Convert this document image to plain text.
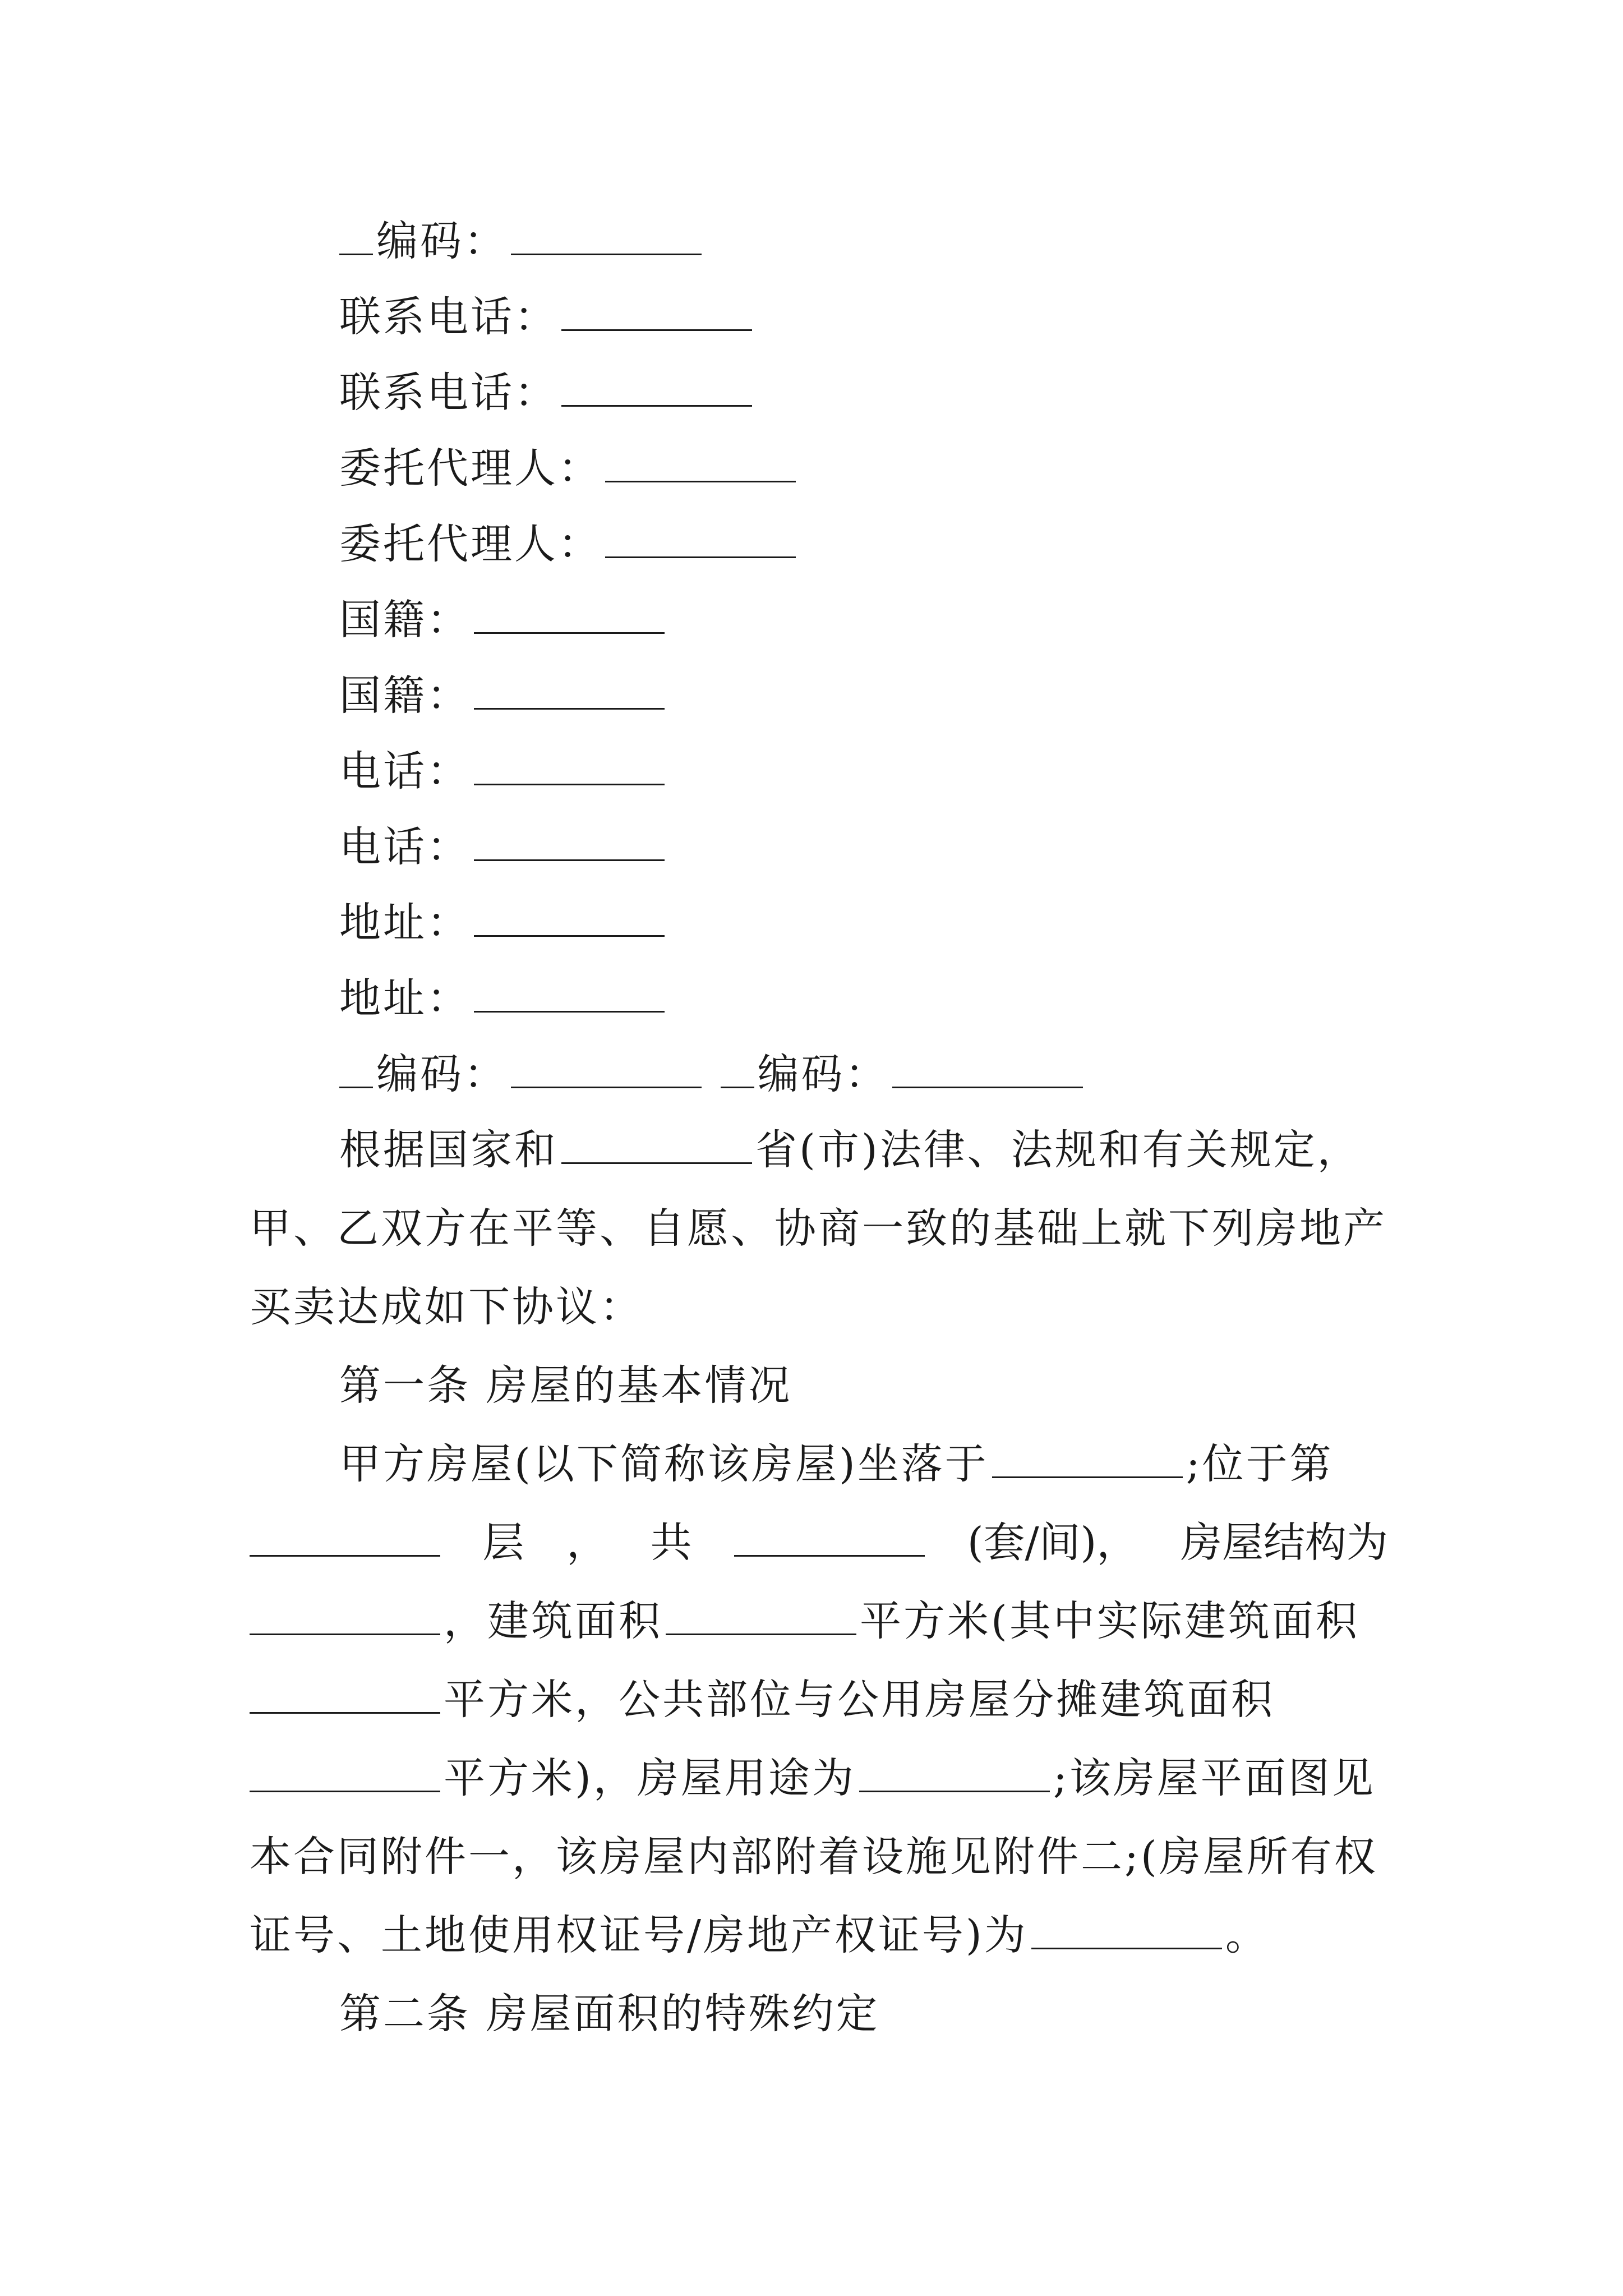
编码：
联系电话：
联系电话：
委托代理人：
委托代理人：
国籍：
国籍：
电话：
电话：
地址：
地址：
编码：	编码：
根据国家和	省(市)法律、法规和有关规定，
甲、乙双方在平等、自愿、协商一致的基础上就下列房地产
买卖达成如下协议：
第一条 房屋的基本情况
甲方房屋(以下简称该房屋)坐落于	;位于第
层 ， 共	(套/间)， 房屋结构为
，建筑面积	平方米(其中实际建筑面积
平方米，公共部位与公用房屋分摊建筑面积
平方米)，房屋用途为	;该房屋平面图见
本合同附件一，该房屋内部附着设施见附件二;(房屋所有权
证号、土地使用权证号/房地产权证号)为	。
第二条 房屋面积的特殊约定
